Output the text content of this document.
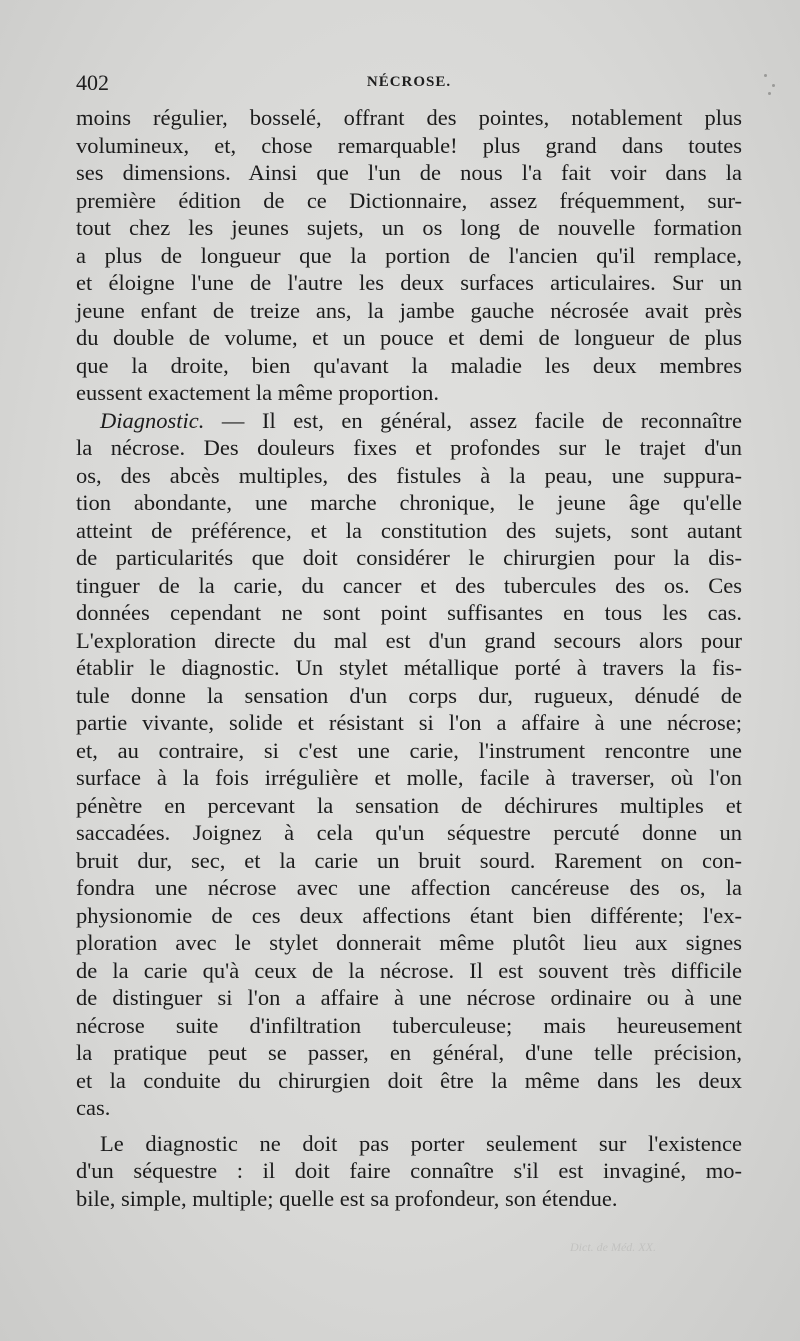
402	NÉCROSE.

moins régulier, bosselé, offrant des pointes, notablement plus

volumineux, et, chose remarquable! plus grand dans toutes

ses dimensions. Ainsi que l'un de nous l'a fait voir dans la

première édition de ce Dictionnaire, assez fréquemment, sur-

tout chez les jeunes sujets, un os long de nouvelle formation

a plus de longueur que la portion de l'ancien qu'il remplace,

et éloigne l'une de l'autre les deux surfaces articulaires. Sur un

jeune enfant de treize ans, la jambe gauche nécrosée avait près

du double de volume, et un pouce et demi de longueur de plus

que la droite, bien qu'avant la maladie les deux membres

eussent exactement la même proportion.

Diagnostic. — Il est, en général, assez facile de reconnaître

la nécrose. Des douleurs fixes et profondes sur le trajet d'un

os, des abcès multiples, des fistules à la peau, une suppura-

tion abondante, une marche chronique, le jeune âge qu'elle

atteint de préférence, et la constitution des sujets, sont autant

de particularités que doit considérer le chirurgien pour la dis-

tinguer de la carie, du cancer et des tubercules des os. Ces

données cependant ne sont point suffisantes en tous les cas.

L'exploration directe du mal est d'un grand secours alors pour

établir le diagnostic. Un stylet métallique porté à travers la fis-

tule donne la sensation d'un corps dur, rugueux, dénudé de

partie vivante, solide et résistant si l'on a affaire à une nécrose;

et, au contraire, si c'est une carie, l'instrument rencontre une

surface à la fois irrégulière et molle, facile à traverser, où l'on

pénètre en percevant la sensation de déchirures multiples et

saccadées. Joignez à cela qu'un séquestre percuté donne un

bruit dur, sec, et la carie un bruit sourd. Rarement on con-

fondra une nécrose avec une affection cancéreuse des os, la

physionomie de ces deux affections étant bien différente; l'ex-

ploration avec le stylet donnerait même plutôt lieu aux signes

de la carie qu'à ceux de la nécrose. Il est souvent très difficile

de distinguer si l'on a affaire à une nécrose ordinaire ou à une

nécrose suite d'infiltration tuberculeuse; mais heureusement

la pratique peut se passer, en général, d'une telle précision,

et la conduite du chirurgien doit être la même dans les deux

cas.

Le diagnostic ne doit pas porter seulement sur l'existence

d'un séquestre : il doit faire connaître s'il est invaginé, mo-

bile, simple, multiple; quelle est sa profondeur, son étendue.

Dict. de Méd. XX.
